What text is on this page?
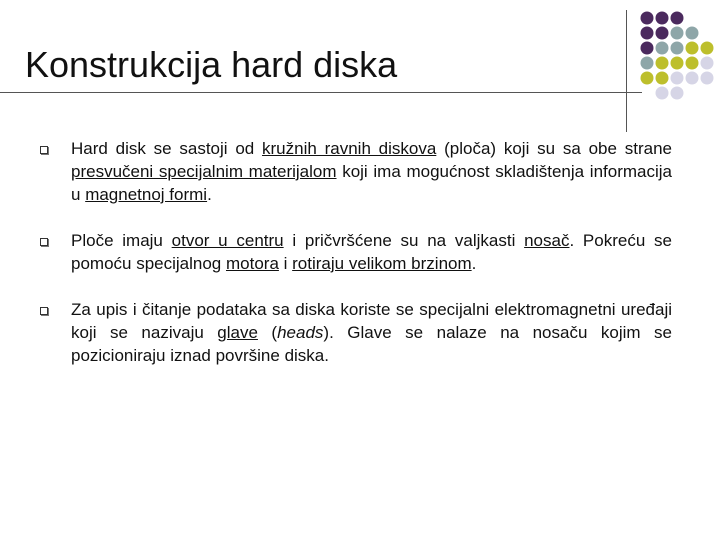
Konstrukcija hard diska
Hard disk se sastoji od kružnih ravnih diskova (ploča) koji su sa obe strane presvučeni specijalnim materijalom koji ima mogućnost skladištenja informacija u magnetnoj formi.
Ploče imaju otvor u centru i pričvršćene su na valjkasti nosač. Pokreću se pomoću specijalnog motora i rotiraju velikom brzinom.
Za upis i čitanje podataka sa diska koriste se specijalni elektromagnetni uređaji koji se nazivaju glave (heads). Glave se nalaze na nosaču kojim se pozicioniraju iznad površine diska.
